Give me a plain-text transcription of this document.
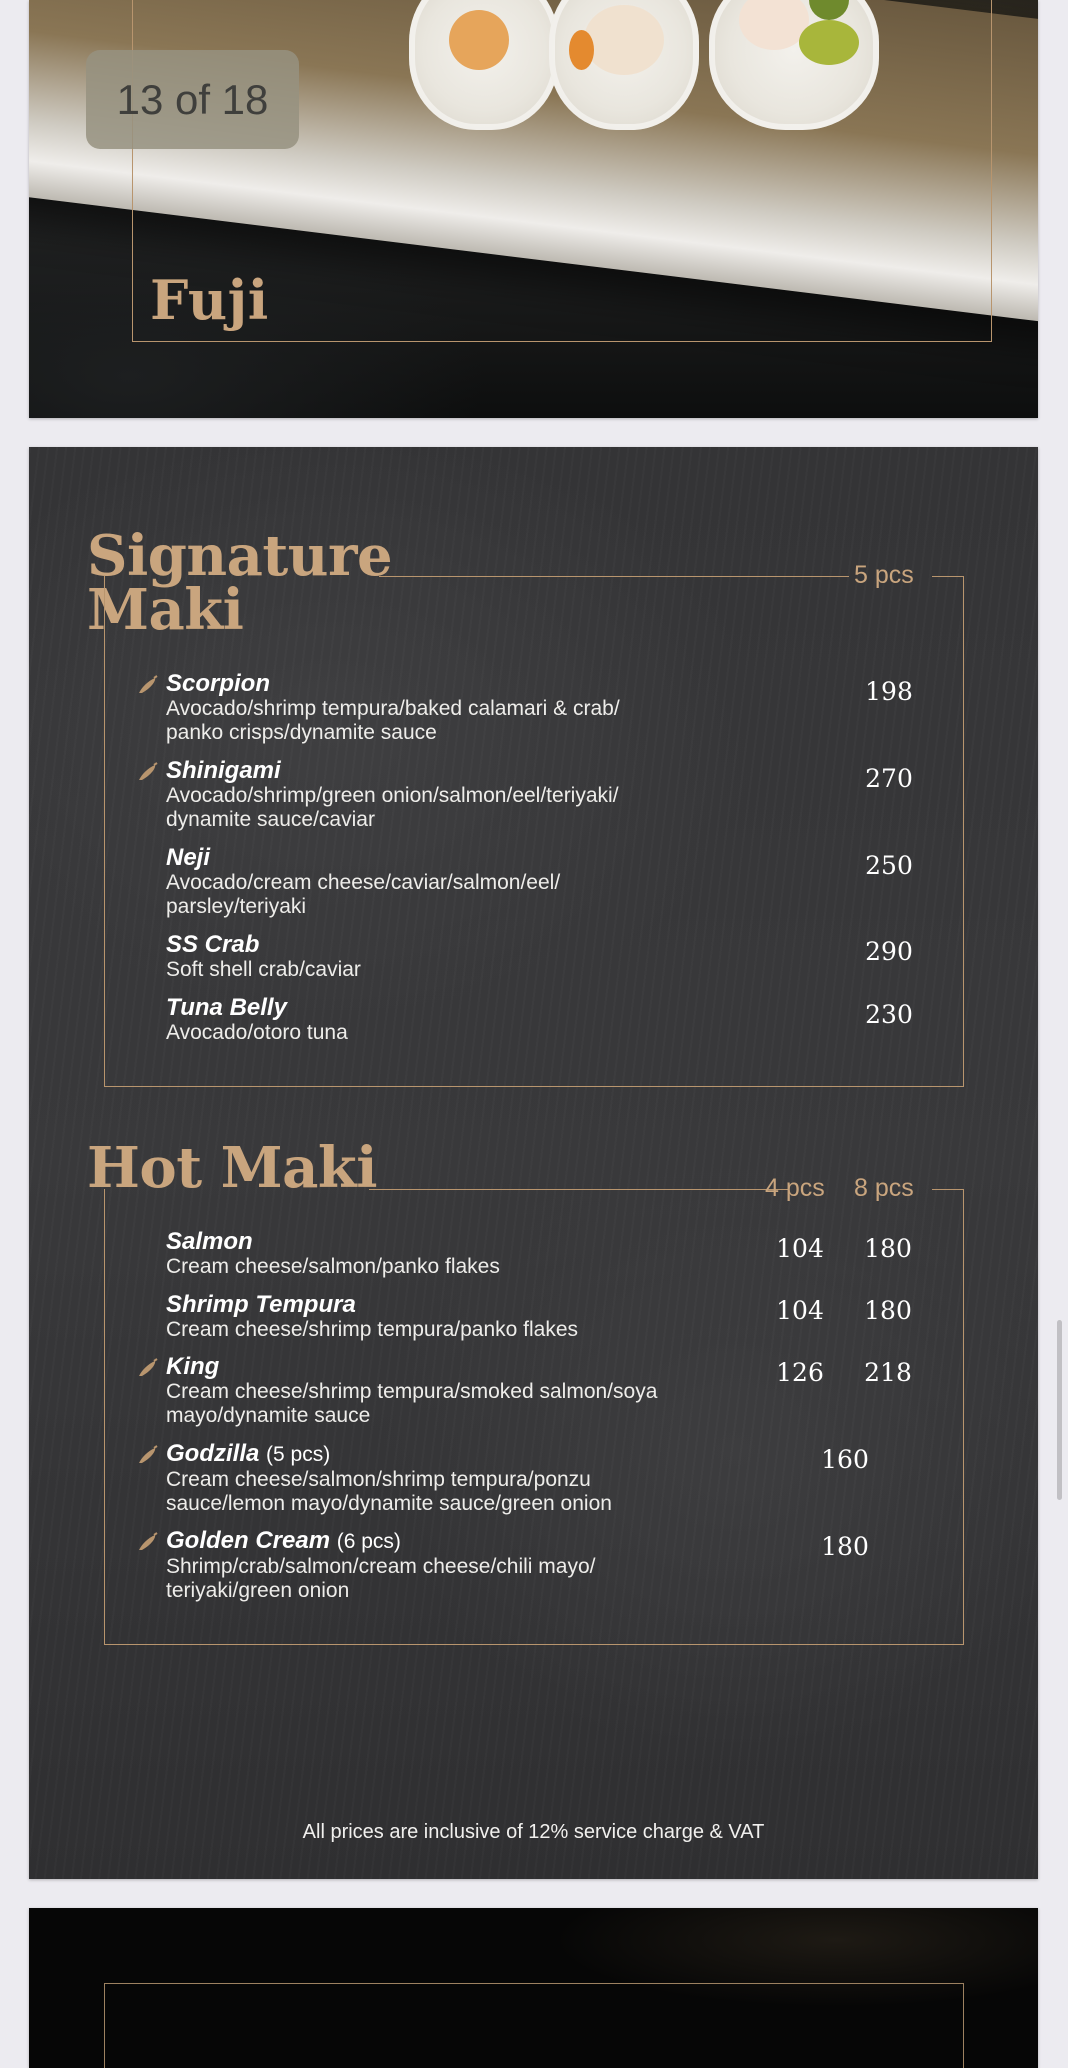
13 of 18
Fuji
Signature
Maki
5 pcs
Scorpion
Avocado/shrimp tempura/baked calamari & crab/
panko crisps/dynamite sauce
198
Shinigami
Avocado/shrimp/green onion/salmon/eel/teriyaki/
dynamite sauce/caviar
270
Neji
Avocado/cream cheese/caviar/salmon/eel/
parsley/teriyaki
250
SS Crab
Soft shell crab/caviar
290
Tuna Belly
Avocado/otoro tuna
230
Hot Maki	4 pcs 8 pcs
Salmon
Cream cheese/salmon/panko flakes
104	180
Shrimp Tempura
Cream cheese/shrimp tempura/panko flakes
104	180
King
Cream cheese/shrimp tempura/smoked salmon/soya
mayo/dynamite sauce
126	218
Godzilla (5 pcs)
Cream cheese/salmon/shrimp tempura/ponzu
sauce/lemon mayo/dynamite sauce/green onion
160
Golden Cream (6 pcs)
Shrimp/crab/salmon/cream cheese/chili mayo/
teriyaki/green onion
180
All prices are inclusive of 12% service charge & VAT
